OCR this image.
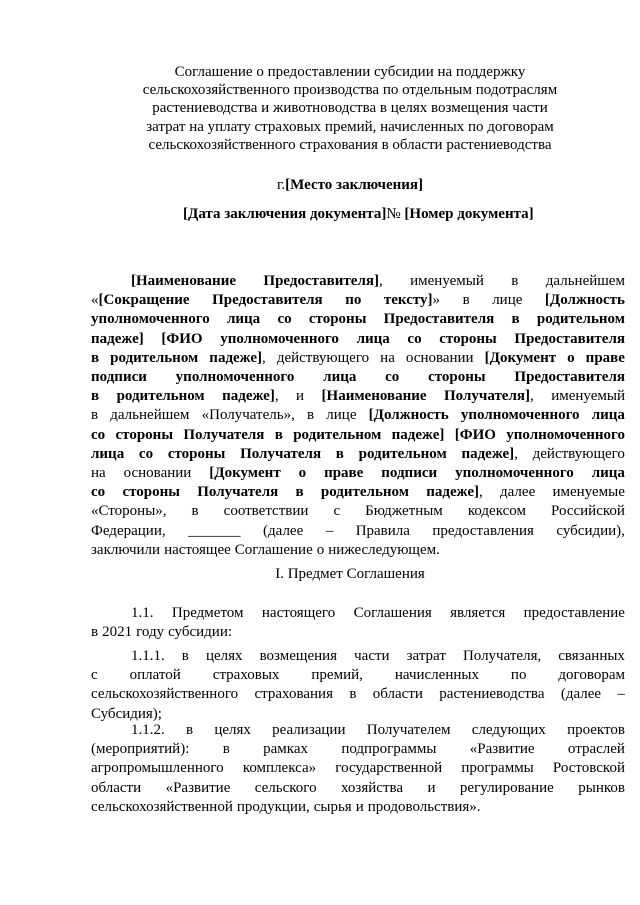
Соглашение о предоставлении субсидии на поддержку
сельскохозяйственного производства по отдельным подотраслям
растениеводства и животноводства в целях возмещения части
затрат на уплату страховых премий, начисленных по договорам
сельскохозяйственного страхования в области растениеводства
г.[Место заключения]
[Дата заключения документа]№ [Номер документа]
[Наименование Предоставителя], именуемый в дальнейшем
«[Сокращение Предоставителя по тексту]» в лице [Должность
уполномоченного лица со стороны Предоставителя в родительном
падеже] [ФИО уполномоченного лица со стороны Предоставителя
в родительном падеже], действующего на основании [Документ о праве
подписи уполномоченного лица со стороны Предоставителя
в родительном падеже], и [Наименование Получателя], именуемый
в дальнейшем «Получатель», в лице [Должность уполномоченного лица
со стороны Получателя в родительном падеже] [ФИО уполномоченного
лица со стороны Получателя в родительном падеже], действующего
на основании [Документ о праве подписи уполномоченного лица
со стороны Получателя в родительном падеже], далее именуемые
«Стороны», в соответствии с Бюджетным кодексом Российской
Федерации, _______ (далее – Правила предоставления субсидии),
заключили настоящее Соглашение о нижеследующем.
I. Предмет Соглашения
1.1. Предметом настоящего Соглашения является предоставление
в 2021 году субсидии:
1.1.1. в целях возмещения части затрат Получателя, связанных
с оплатой страховых премий, начисленных по договорам
сельскохозяйственного страхования в области растениеводства (далее –
Субсидия);
1.1.2. в целях реализации Получателем следующих проектов
(мероприятий): в рамках подпрограммы «Развитие отраслей
агропромышленного комплекса» государственной программы Ростовской
области «Развитие сельского хозяйства и регулирование рынков
сельскохозяйственной продукции, сырья и продовольствия».
